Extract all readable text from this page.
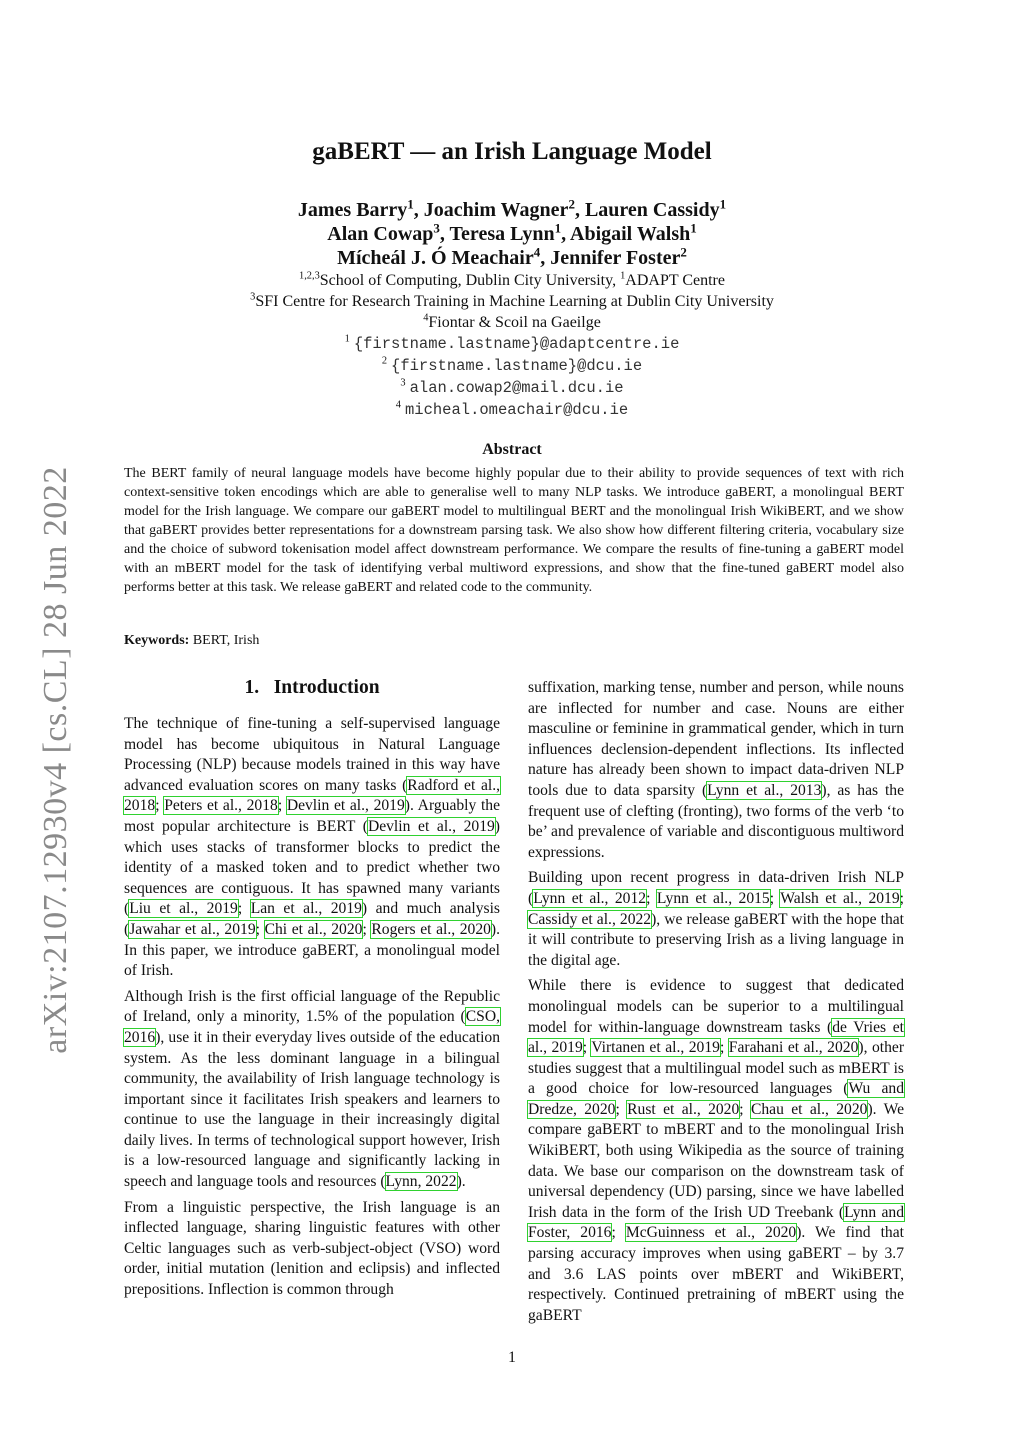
arXiv:2107.12930v4 [cs.CL] 28 Jun 2022
gaBERT — an Irish Language Model
James Barry$^1$, Joachim Wagner$^2$, Lauren Cassidy$^1$
Alan Cowap$^3$, Teresa Lynn$^1$, Abigail Walsh$^1$
Mícheál J. Ó Meachair$^4$, Jennifer Foster$^2$
$^{1,2,3}$School of Computing, Dublin City University, $^1$ADAPT Centre
$^3$SFI Centre for Research Training in Machine Learning at Dublin City University
$^4$Fiontar & Scoil na Gaeilge
$^1$ {firstname.lastname}@adaptcentre.ie
$^2$ {firstname.lastname}@dcu.ie
$^3$ alan.cowap2@mail.dcu.ie
$^4$ micheal.omeachair@dcu.ie
Abstract
The BERT family of neural language models have become highly popular due to their ability to provide sequences of text with rich context-sensitive token encodings which are able to generalise well to many NLP tasks. We introduce gaBERT, a monolingual BERT model for the Irish language. We compare our gaBERT model to multilingual BERT and the monolingual Irish WikiBERT, and we show that gaBERT provides better representations for a downstream parsing task. We also show how different filtering criteria, vocabulary size and the choice of subword tokenisation model affect downstream performance. We compare the results of fine-tuning a gaBERT model with an mBERT model for the task of identifying verbal multiword expressions, and show that the fine-tuned gaBERT model also performs better at this task. We release gaBERT and related code to the community.
Keywords: BERT, Irish
1. Introduction

The technique of fine-tuning a self-supervised language model has become ubiquitous in Natural Language Processing (NLP) because models trained in this way have advanced evaluation scores on many tasks (Radford et al., 2018; Peters et al., 2018; Devlin et al., 2019). Arguably the most popular architecture is BERT (Devlin et al., 2019) which uses stacks of transformer blocks to predict the identity of a masked token and to predict whether two sequences are contiguous. It has spawned many variants (Liu et al., 2019; Lan et al., 2019) and much analysis (Jawahar et al., 2019; Chi et al., 2020; Rogers et al., 2020). In this paper, we introduce gaBERT, a monolingual model of Irish.

Although Irish is the first official language of the Republic of Ireland, only a minority, 1.5% of the population (CSO, 2016), use it in their everyday lives outside of the education system. As the less dominant language in a bilingual community, the availability of Irish language technology is important since it facilitates Irish speakers and learners to continue to use the language in their increasingly digital daily lives. In terms of technological support however, Irish is a low-resourced language and significantly lacking in speech and language tools and resources (Lynn, 2022).

From a linguistic perspective, the Irish language is an inflected language, sharing linguistic features with other Celtic languages such as verb-subject-object (VSO) word order, initial mutation (lenition and eclipsis) and inflected prepositions. Inflection is common through

suffixation, marking tense, number and person, while nouns are inflected for number and case. Nouns are either masculine or feminine in grammatical gender, which in turn influences declension-dependent inflections. Its inflected nature has already been shown to impact data-driven NLP tools due to data sparsity (Lynn et al., 2013), as has the frequent use of clefting (fronting), two forms of the verb ‘to be’ and prevalence of variable and discontiguous multiword expressions.

Building upon recent progress in data-driven Irish NLP (Lynn et al., 2012; Lynn et al., 2015; Walsh et al., 2019; Cassidy et al., 2022), we release gaBERT with the hope that it will contribute to preserving Irish as a living language in the digital age.

While there is evidence to suggest that dedicated monolingual models can be superior to a multilingual model for within-language downstream tasks (de Vries et al., 2019; Virtanen et al., 2019; Farahani et al., 2020), other studies suggest that a multilingual model such as mBERT is a good choice for low-resourced languages (Wu and Dredze, 2020; Rust et al., 2020; Chau et al., 2020). We compare gaBERT to mBERT and to the monolingual Irish WikiBERT, both using Wikipedia as the source of training data. We base our comparison on the downstream task of universal dependency (UD) parsing, since we have labelled Irish data in the form of the Irish UD Treebank (Lynn and Foster, 2016; McGuinness et al., 2020). We find that parsing accuracy improves when using gaBERT – by 3.7 and 3.6 LAS points over mBERT and WikiBERT, respectively. Continued pretraining of mBERT using the gaBERT

1
